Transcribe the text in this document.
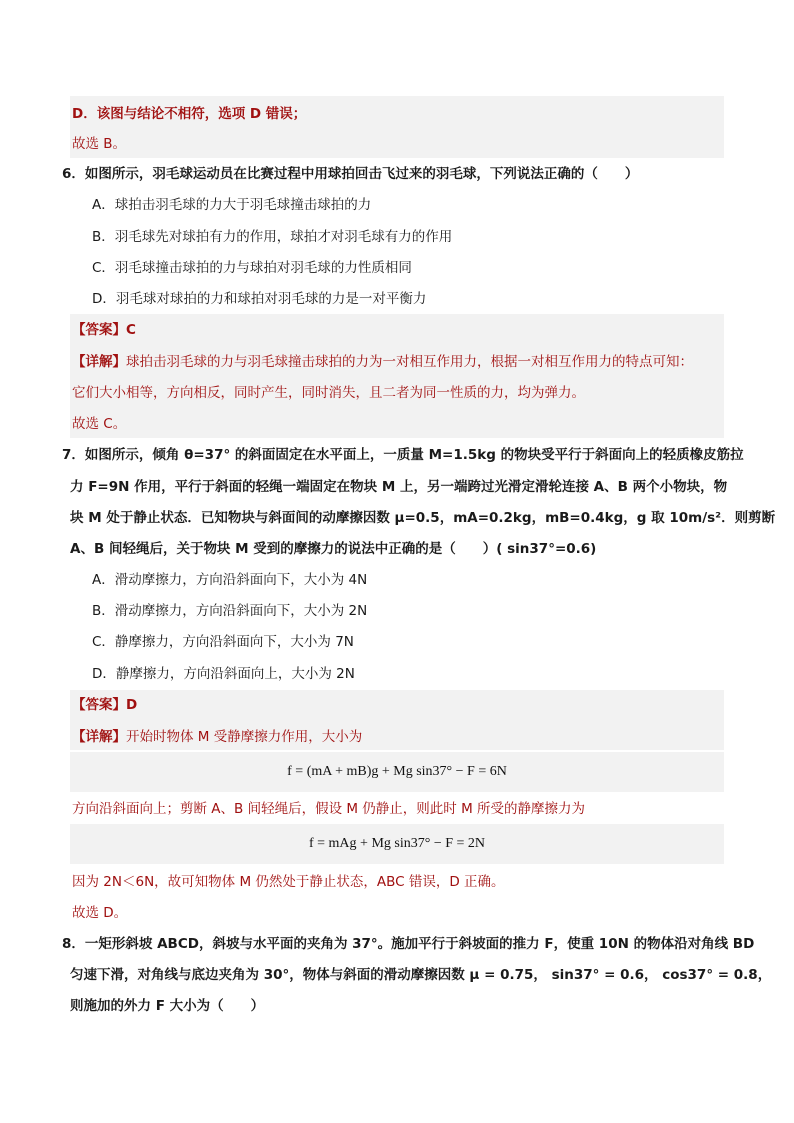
D．该图与结论不相符，选项 D 错误；
故选 B。
6．如图所示，羽毛球运动员在比赛过程中用球拍回击飞过来的羽毛球，下列说法正确的（　　）
A．球拍击羽毛球的力大于羽毛球撞击球拍的力
B．羽毛球先对球拍有力的作用，球拍才对羽毛球有力的作用
C．羽毛球撞击球拍的力与球拍对羽毛球的力性质相同
D．羽毛球对球拍的力和球拍对羽毛球的力是一对平衡力
【答案】C
【详解】球拍击羽毛球的力与羽毛球撞击球拍的力为一对相互作用力，根据一对相互作用力的特点可知：
它们大小相等，方向相反，同时产生，同时消失，且二者为同一性质的力，均为弹力。
故选 C。
7．如图所示，倾角 θ=37° 的斜面固定在水平面上，一质量 M=1.5kg 的物块受平行于斜面向上的轻质橡皮筋拉
力 F=9N 作用，平行于斜面的轻绳一端固定在物块 M 上，另一端跨过光滑定滑轮连接 A、B 两个小物块，物
块 M 处于静止状态．已知物块与斜面间的动摩擦因数 μ=0.5，mA=0.2kg，mB=0.4kg，g 取 10m/s²．则剪断
A、B 间轻绳后，关于物块 M 受到的摩擦力的说法中正确的是（　　）( sin37°=0.6)
A．滑动摩擦力，方向沿斜面向下，大小为 4N
B．滑动摩擦力，方向沿斜面向下，大小为 2N
C．静摩擦力，方向沿斜面向下，大小为 7N
D．静摩擦力，方向沿斜面向上，大小为 2N
【答案】D
【详解】开始时物体 M 受静摩擦力作用，大小为
f = (mA + mB)g + Mg sin37° − F = 6N
方向沿斜面向上；剪断 A、B 间轻绳后，假设 M 仍静止，则此时 M 所受的静摩擦力为
f = mAg + Mg sin37° − F = 2N
因为 2N＜6N，故可知物体 M 仍然处于静止状态，ABC 错误，D 正确。
故选 D。
8．一矩形斜坡 ABCD，斜坡与水平面的夹角为 37°。施加平行于斜坡面的推力 F，使重 10N 的物体沿对角线 BD
匀速下滑，对角线与底边夹角为 30°，物体与斜面的滑动摩擦因数 μ = 0.75， sin37° = 0.6， cos37° = 0.8，
则施加的外力 F 大小为（　　）
